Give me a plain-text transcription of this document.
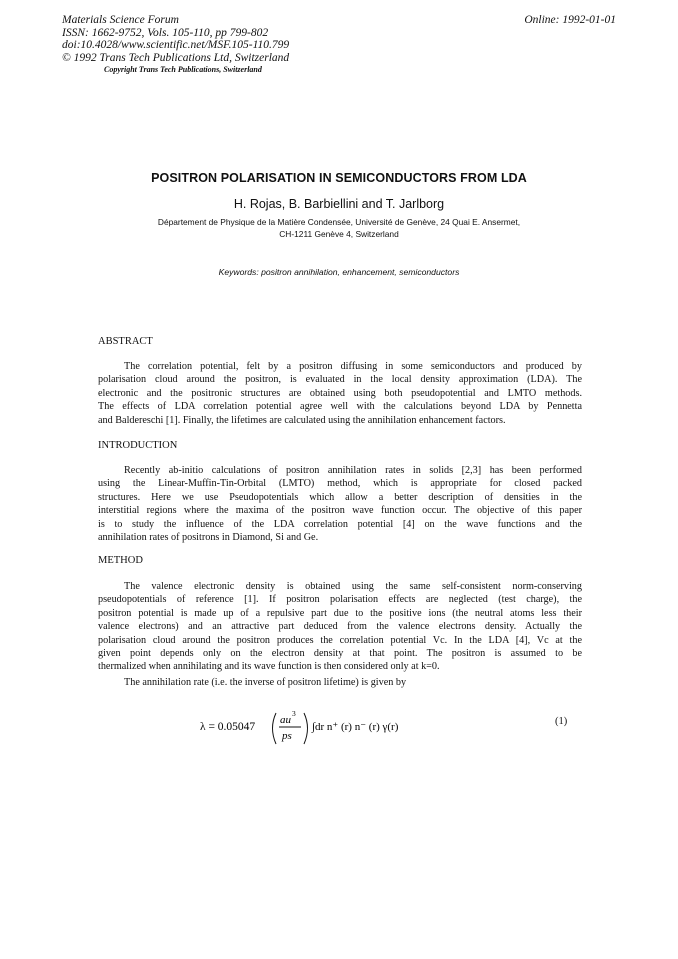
Materials Science Forum
ISSN: 1662-9752, Vols. 105-110, pp 799-802
doi:10.4028/www.scientific.net/MSF.105-110.799
© 1992 Trans Tech Publications Ltd, Switzerland
Copyright Trans Tech Publications, Switzerland
Online: 1992-01-01
POSITRON POLARISATION IN SEMICONDUCTORS FROM LDA
H. Rojas, B. Barbiellini and T. Jarlborg
Département de Physique de la Matière Condensée, Université de Genève, 24 Quai E. Ansermet,
CH-1211 Genève 4, Switzerland
Keywords: positron annihilation, enhancement, semiconductors
ABSTRACT
The correlation potential, felt by a positron diffusing in some semiconductors and produced by
polarisation cloud around the positron, is evaluated in the local density approximation (LDA). The
electronic and the positronic structures are obtained using both pseudopotential and LMTO methods.
The effects of LDA correlation potential agree well with the calculations beyond LDA by Pennetta
and Baldereschi [1]. Finally, the lifetimes are calculated using the annihilation enhancement factors.
INTRODUCTION
Recently ab-initio calculations of positron annihilation rates in solids [2,3] has been performed
using the Linear-Muffin-Tin-Orbital (LMTO) method, which is appropriate for closed packed
structures. Here we use Pseudopotentials which allow a better description of densities in the
interstitial regions where the maxima of the positron wave function occur. The objective of this paper
is to study the influence of the LDA correlation potential [4] on the wave functions and the
annihilation rates of positrons in Diamond, Si and Ge.
METHOD
The valence electronic density is obtained using the same self-consistent norm-conserving
pseudopotentials of reference [1]. If positron polarisation effects are neglected (test charge), the
positron potential is made up of a repulsive part due to the positive ions (the neutral atoms less their
valence electrons) and an attractive part deduced from the valence electrons density. Actually the
polarisation cloud around the positron produces the correlation potential Vc. In the LDA [4], Vc at the
given point depends only on the electron density at that point. The positron is assumed to be
thermalized when annihilating and its wave function is then considered only at k=0.
The annihilation rate (i.e. the inverse of positron lifetime) is given by
λ = 0.05047
au
3
ps
∫dr n⁺ (r) n⁻ (r) γ(r)	(1)
